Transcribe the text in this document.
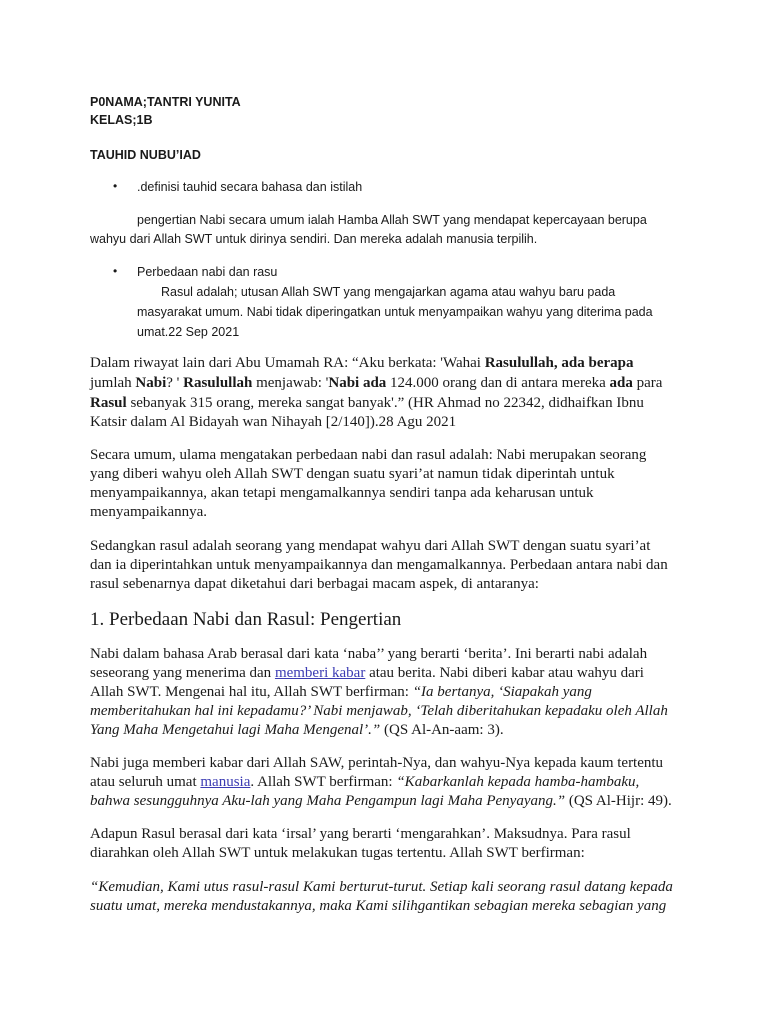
P0NAMA;TANTRI YUNITA
KELAS;1B
TAUHID NUBU’IAD
• .definisi tauhid secara bahasa dan istilah
pengertian Nabi secara umum ialah Hamba Allah SWT yang mendapat kepercayaan berupa
wahyu dari Allah SWT untuk dirinya sendiri. Dan mereka adalah manusia terpilih.
• Perbedaan nabi dan rasu
Rasul adalah; utusan Allah SWT yang mengajarkan agama atau wahyu baru pada
masyarakat umum. Nabi tidak diperingatkan untuk menyampaikan wahyu yang diterima pada
umat.22 Sep 2021
Dalam riwayat lain dari Abu Umamah RA: “Aku berkata: 'Wahai Rasulullah, ada berapa
jumlah Nabi? ' Rasulullah menjawab: 'Nabi ada 124.000 orang dan di antara mereka ada para
Rasul sebanyak 315 orang, mereka sangat banyak'.” (HR Ahmad no 22342, didhaifkan Ibnu
Katsir dalam Al Bidayah wan Nihayah [2/140]).28 Agu 2021
Secara umum, ulama mengatakan perbedaan nabi dan rasul adalah: Nabi merupakan seorang
yang diberi wahyu oleh Allah SWT dengan suatu syari’at namun tidak diperintah untuk
menyampaikannya, akan tetapi mengamalkannya sendiri tanpa ada keharusan untuk
menyampaikannya.
Sedangkan rasul adalah seorang yang mendapat wahyu dari Allah SWT dengan suatu syari’at
dan ia diperintahkan untuk menyampaikannya dan mengamalkannya. Perbedaan antara nabi dan
rasul sebenarnya dapat diketahui dari berbagai macam aspek, di antaranya:
1. Perbedaan Nabi dan Rasul: Pengertian
Nabi dalam bahasa Arab berasal dari kata ‘naba’’ yang berarti ‘berita’. Ini berarti nabi adalah
seseorang yang menerima dan memberi kabar atau berita. Nabi diberi kabar atau wahyu dari
Allah SWT. Mengenai hal itu, Allah SWT berfirman: “Ia bertanya, ‘Siapakah yang
memberitahukan hal ini kepadamu?’ Nabi menjawab, ‘Telah diberitahukan kepadaku oleh Allah
Yang Maha Mengetahui lagi Maha Mengenal’.” (QS Al-An-aam: 3).
Nabi juga memberi kabar dari Allah SAW, perintah-Nya, dan wahyu-Nya kepada kaum tertentu
atau seluruh umat manusia. Allah SWT berfirman: “Kabarkanlah kepada hamba-hambaku,
bahwa sesungguhnya Aku-lah yang Maha Pengampun lagi Maha Penyayang.” (QS Al-Hijr: 49).
Adapun Rasul berasal dari kata ‘irsal’ yang berarti ‘mengarahkan’. Maksudnya. Para rasul
diarahkan oleh Allah SWT untuk melakukan tugas tertentu. Allah SWT berfirman:
“Kemudian, Kami utus rasul-rasul Kami berturut-turut. Setiap kali seorang rasul datang kepada
suatu umat, mereka mendustakannya, maka Kami silihgantikan sebagian mereka sebagian yang
